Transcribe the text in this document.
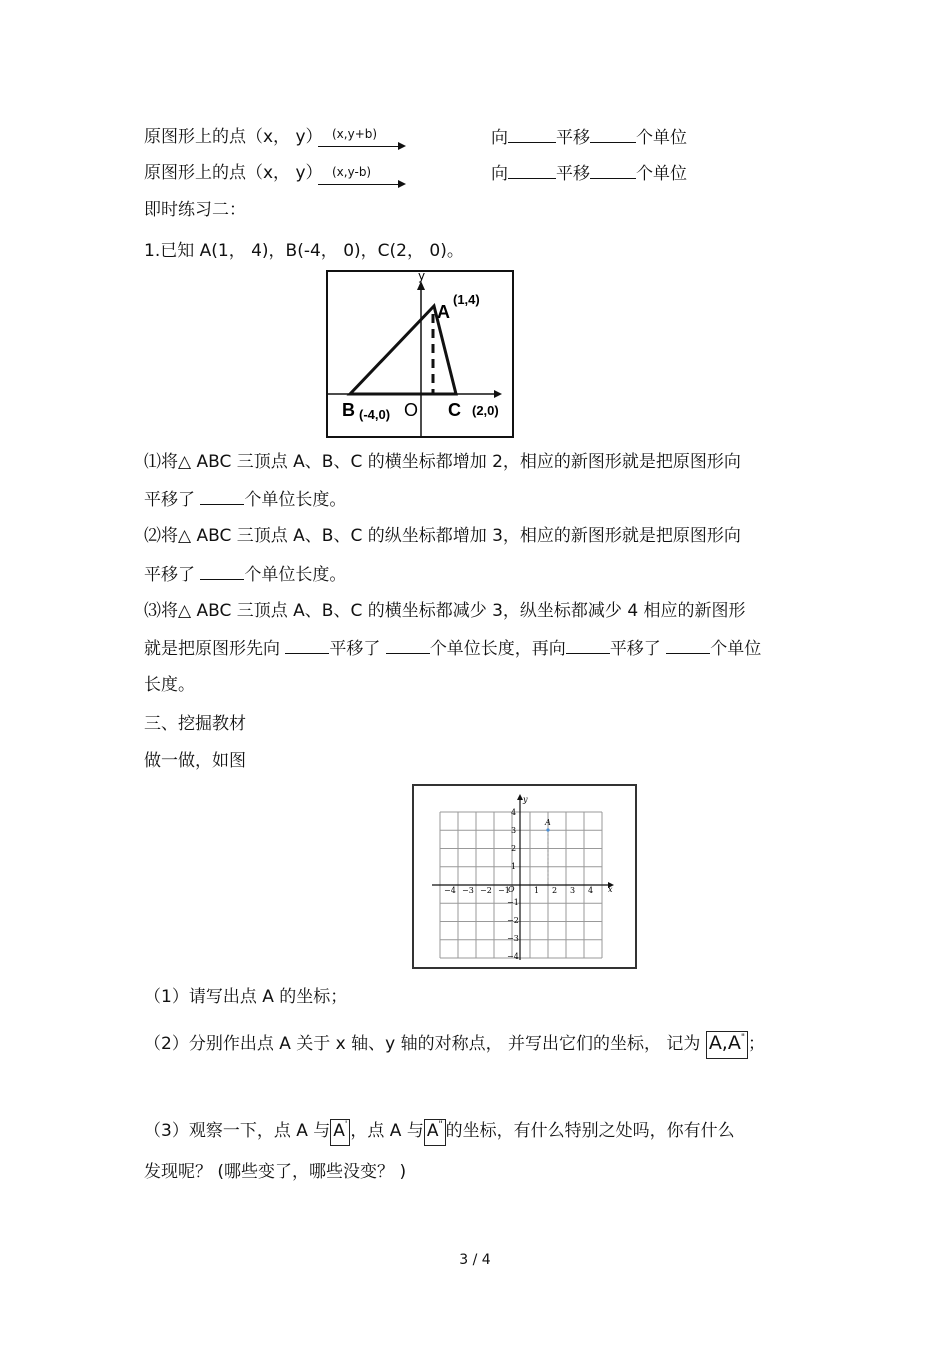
原图形上的点（x， y） (x,y+b)	向	平移	个单位
原图形上的点（x， y） (x,y-b)	向	平移	个单位
即时练习二：
1.已知 A(1， 4)，B(-4， 0)，C(2， 0)。
y
A
(1,4)
B (-4,0) O C (2,0)
⑴将△ ABC 三顶点 A、B、C 的横坐标都增加 2，相应的新图形就是把原图形向
平移了	个单位长度。
⑵将△ ABC 三顶点 A、B、C 的纵坐标都增加 3，相应的新图形就是把原图形向
平移了	个单位长度。
⑶将△ ABC 三顶点 A、B、C 的横坐标都减少 3，纵坐标都减少 4 相应的新图形
就是把原图形先向	平移了	个单位长度，再向	平移了	个单位
长度。
三、挖掘教材
做一做，如图
y
x
O
−4 −3 −2 −1	1 2 3 4
4
3
2
1
−1
−2
−3
−4
A
（1）请写出点 A 的坐标；
（2）分别作出点 A 关于 x 轴、y 轴的对称点， 并写出它们的坐标， 记为 A,A" ；
（3）观察一下，点 A 与 A' ，点 A 与 A" 的坐标，有什么特别之处吗，你有什么
发现呢？ (哪些变了，哪些没变？ )
3 / 4
